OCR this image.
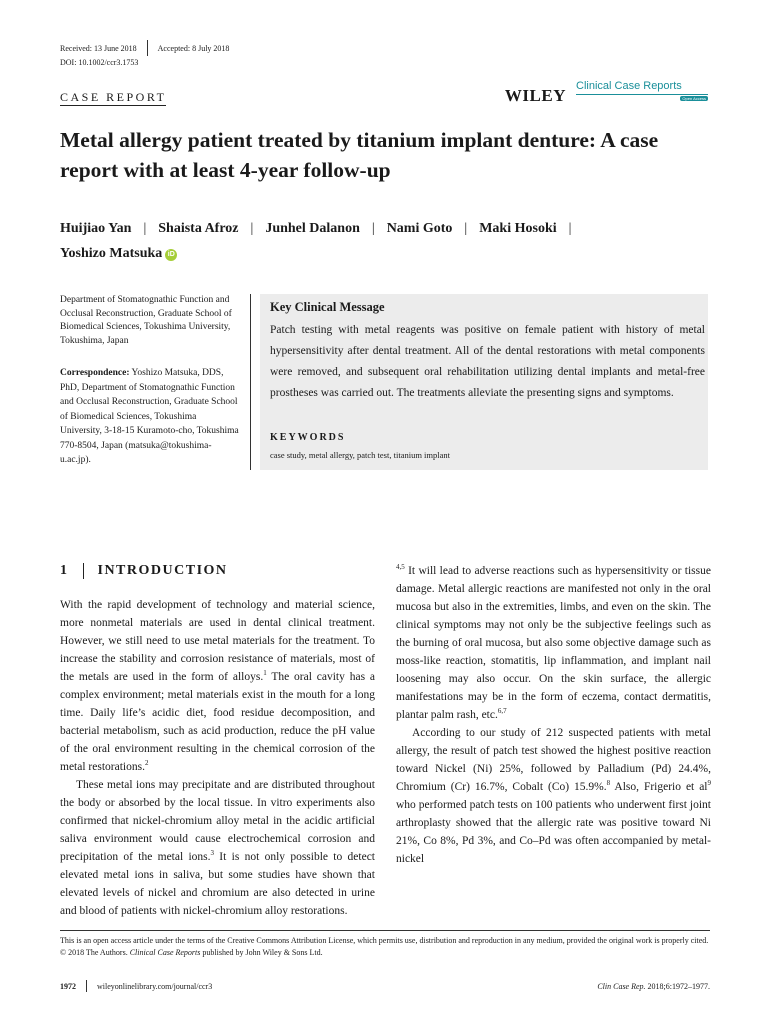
Received: 13 June 2018	Accepted: 8 July 2018
DOI: 10.1002/ccr3.1753
CASE REPORT	WILEY Clinical Case Reports
Open Access
Metal allergy patient treated by titanium implant denture: A case report with at least 4-year follow-up
Huijiao Yan | Shaista Afroz | Junhel Dalanon | Nami Goto | Maki Hosoki |
Yoshizo Matsuka iD
Department of Stomatognathic Function and Occlusal Reconstruction, Graduate School of Biomedical Sciences, Tokushima University, Tokushima, Japan
Correspondence: Yoshizo Matsuka, DDS, PhD, Department of Stomatognathic Function and Occlusal Reconstruction, Graduate School of Biomedical Sciences, Tokushima University, 3-18-15 Kuramoto-cho, Tokushima 770-8504, Japan (matsuka@tokushima-u.ac.jp).
Key Clinical Message
Patch testing with metal reagents was positive on female patient with history of metal hypersensitivity after dental treatment. All of the dental restorations with metal components were removed, and subsequent oral rehabilitation utilizing dental implants and metal-free prostheses was carried out. The treatments alleviate the presenting signs and symptoms.
KEYWORDS
case study, metal allergy, patch test, titanium implant
1 INTRODUCTION

With the rapid development of technology and material science, more nonmetal materials are used in dental clinical treatment. However, we still need to use metal materials for the treatment. To increase the stability and corrosion resistance of materials, most of the metals are used in the form of alloys.$^1$ The oral cavity has a complex environment; metal materials exist in the mouth for a long time. Daily life’s acidic diet, food residue decomposition, and bacterial metabolism, such as acid production, reduce the pH value of the oral environment resulting in the chemical corrosion of the metal restorations.$^2$

These metal ions may precipitate and are distributed throughout the body or absorbed by the local tissue. In vitro experiments also confirmed that nickel-chromium alloy metal in the acidic artificial saliva environment would cause electrochemical corrosion and precipitation of the metal ions.$^3$ It is not only possible to detect elevated metal ions in saliva, but some studies have shown that elevated levels of nickel and chromium are also detected in urine and blood of patients with nickel-chromium alloy restorations.

$^{4,5}$ It will lead to adverse reactions such as hypersensitivity or tissue damage. Metal allergic reactions are manifested not only in the oral mucosa but also in the extremities, limbs, and even on the skin. The clinical symptoms may not only be the subjective feelings such as the burning of oral mucosa, but also some objective damage such as moss-like reaction, stomatitis, lip inflammation, and implant nail loosening may also occur. On the skin surface, the allergic manifestations may be in the form of eczema, contact dermatitis, plantar palm rash, etc.$^{6,7}$

According to our study of 212 suspected patients with metal allergy, the result of patch test showed the highest positive reaction toward Nickel (Ni) 25%, followed by Palladium (Pd) 24.4%, Chromium (Cr) 16.7%, Cobalt (Co) 15.9%.$^8$ Also, Frigerio et $al^9$ who performed patch tests on 100 patients who underwent first joint arthroplasty showed that the allergic rate was positive toward Ni 21%, Co 8%, Pd 3%, and Co–Pd was often accompanied by metal-nickel

This is an open access article under the terms of the Creative Commons Attribution License, which permits use, distribution and reproduction in any medium, provided the original work is properly cited.
© 2018 The Authors. Clinical Case Reports published by John Wiley & Sons Ltd.
1972	wileyonlinelibrary.com/journal/ccr3	Clin Case Rep. 2018;6:1972–1977.
